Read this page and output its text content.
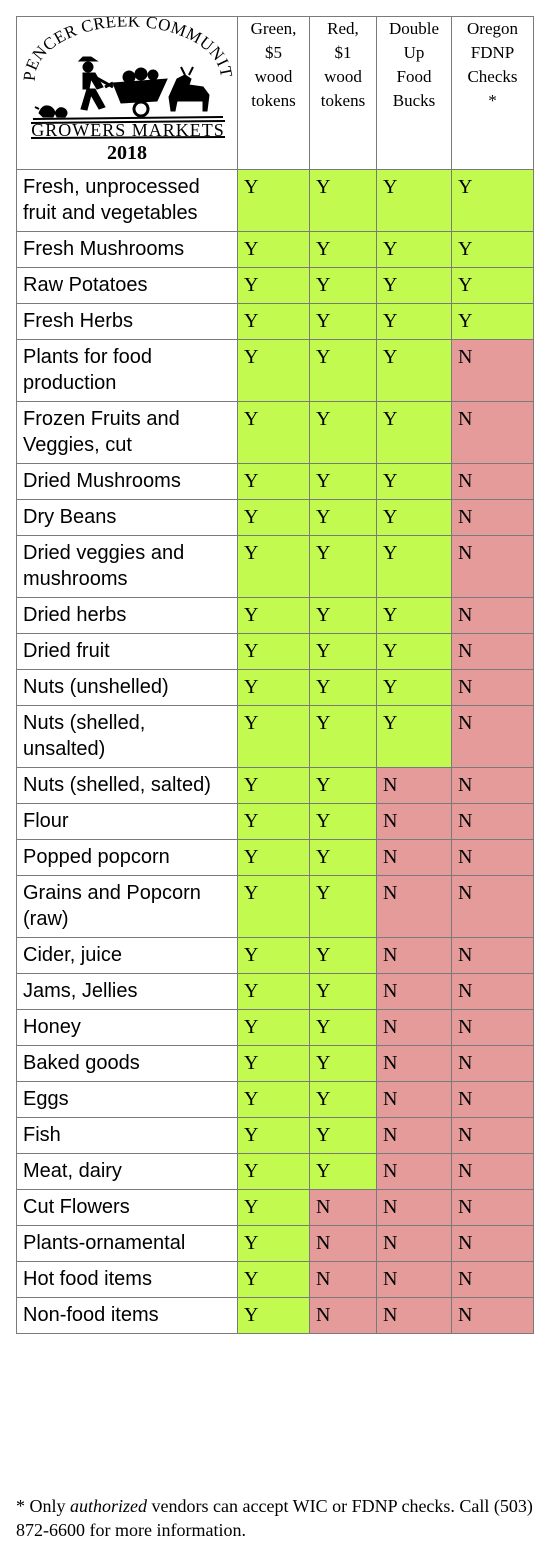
PENCER CREEK COMMUNIT
GROWERS MARKETS
2018	Green,
$5
wood
tokens	Red,
$1
wood
tokens	Double
Up
Food
Bucks	Oregon
FDNP
Checks
*

Fresh, unprocessed fruit and vegetables	Y	Y	Y	Y
Fresh Mushrooms	Y	Y	Y	Y
Raw Potatoes	Y	Y	Y	Y
Fresh Herbs	Y	Y	Y	Y
Plants for food production	Y	Y	Y	N
Frozen Fruits and Veggies, cut	Y	Y	Y	N
Dried Mushrooms	Y	Y	Y	N
Dry Beans	Y	Y	Y	N
Dried veggies and mushrooms	Y	Y	Y	N
Dried herbs	Y	Y	Y	N
Dried fruit	Y	Y	Y	N
Nuts (unshelled)	Y	Y	Y	N
Nuts (shelled, unsalted)	Y	Y	Y	N
Nuts (shelled, salted)	Y	Y	N	N
Flour	Y	Y	N	N
Popped popcorn	Y	Y	N	N
Grains and Popcorn (raw)	Y	Y	N	N
Cider, juice	Y	Y	N	N
Jams, Jellies	Y	Y	N	N
Honey	Y	Y	N	N
Baked goods	Y	Y	N	N
Eggs	Y	Y	N	N
Fish	Y	Y	N	N
Meat, dairy	Y	Y	N	N
Cut Flowers	Y	N	N	N
Plants-ornamental	Y	N	N	N
Hot food items	Y	N	N	N
Non-food items	Y	N	N	N
* Only authorized vendors can accept WIC or FDNP checks. Call (503) 872-6600 for more information.
